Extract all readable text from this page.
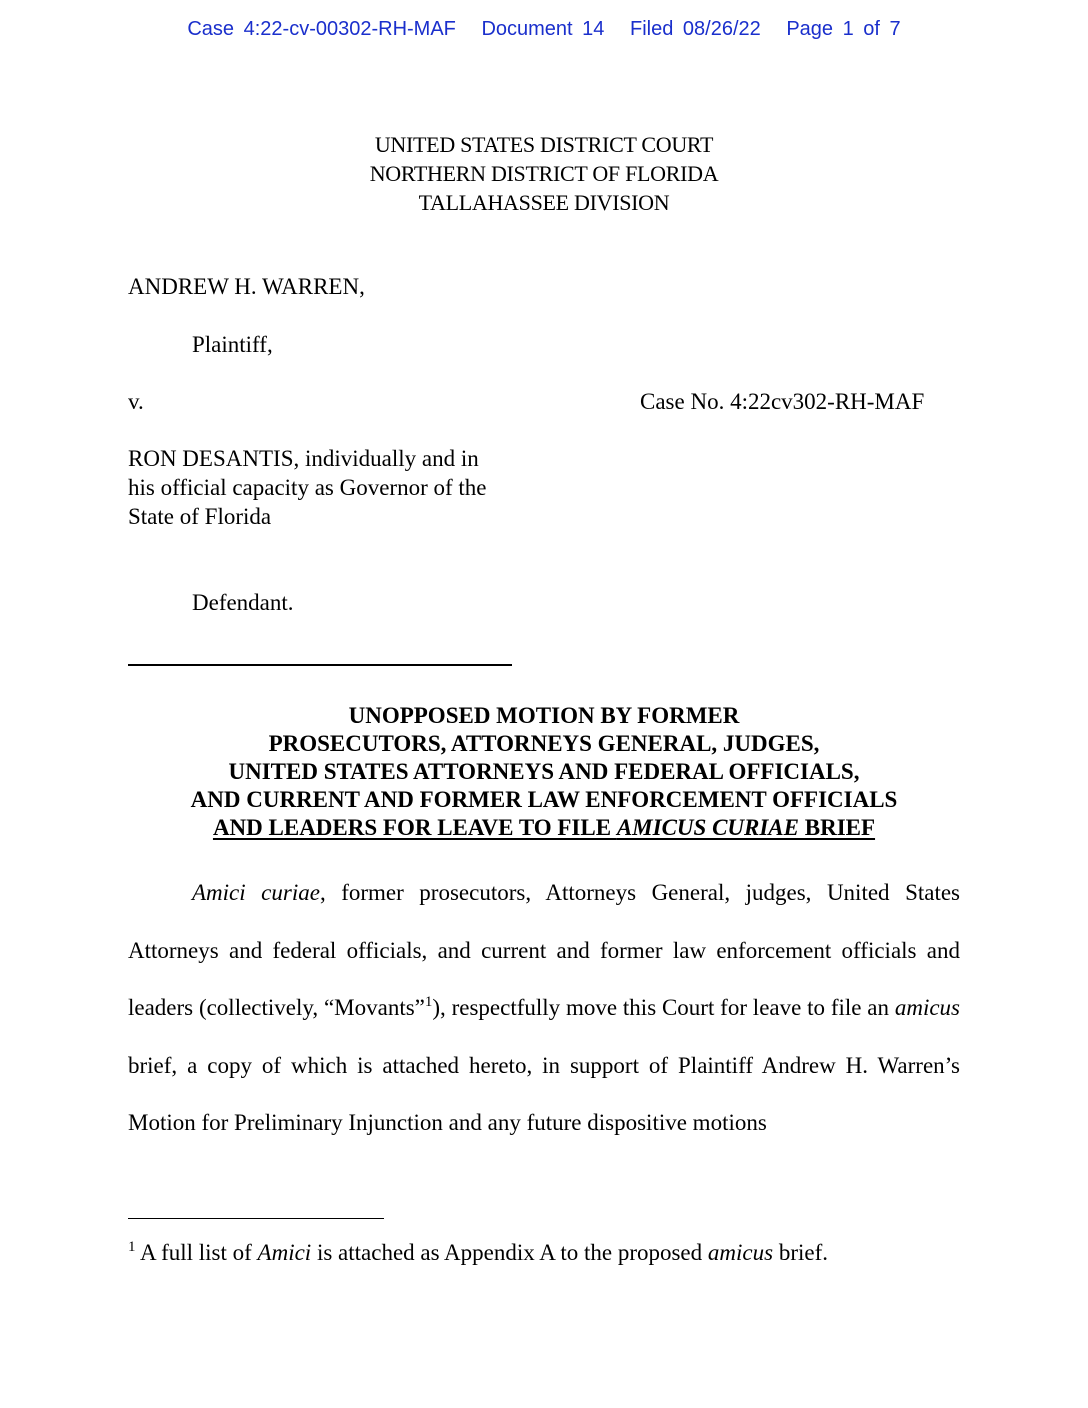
Case 4:22-cv-00302-RH-MAF Document 14 Filed 08/26/22 Page 1 of 7
UNITED STATES DISTRICT COURT
NORTHERN DISTRICT OF FLORIDA
TALLAHASSEE DIVISION
ANDREW H. WARREN,
Plaintiff,
v.	Case No. 4:22cv302-RH-MAF
RON DESANTIS, individually and in
his official capacity as Governor of the
State of Florida
Defendant.
UNOPPOSED MOTION BY FORMER
PROSECUTORS, ATTORNEYS GENERAL, JUDGES,
UNITED STATES ATTORNEYS AND FEDERAL OFFICIALS,
AND CURRENT AND FORMER LAW ENFORCEMENT OFFICIALS
AND LEADERS FOR LEAVE TO FILE AMICUS CURIAE BRIEF
Amici curiae, former prosecutors, Attorneys General, judges, United States Attorneys and federal officials, and current and former law enforcement officials and leaders (collectively, “Movants”$^1$), respectfully move this Court for leave to file an amicus brief, a copy of which is attached hereto, in support of Plaintiff Andrew H. Warren’s Motion for Preliminary Injunction and any future dispositive motions
$^1$ A full list of Amici is attached as Appendix A to the proposed amicus brief.
